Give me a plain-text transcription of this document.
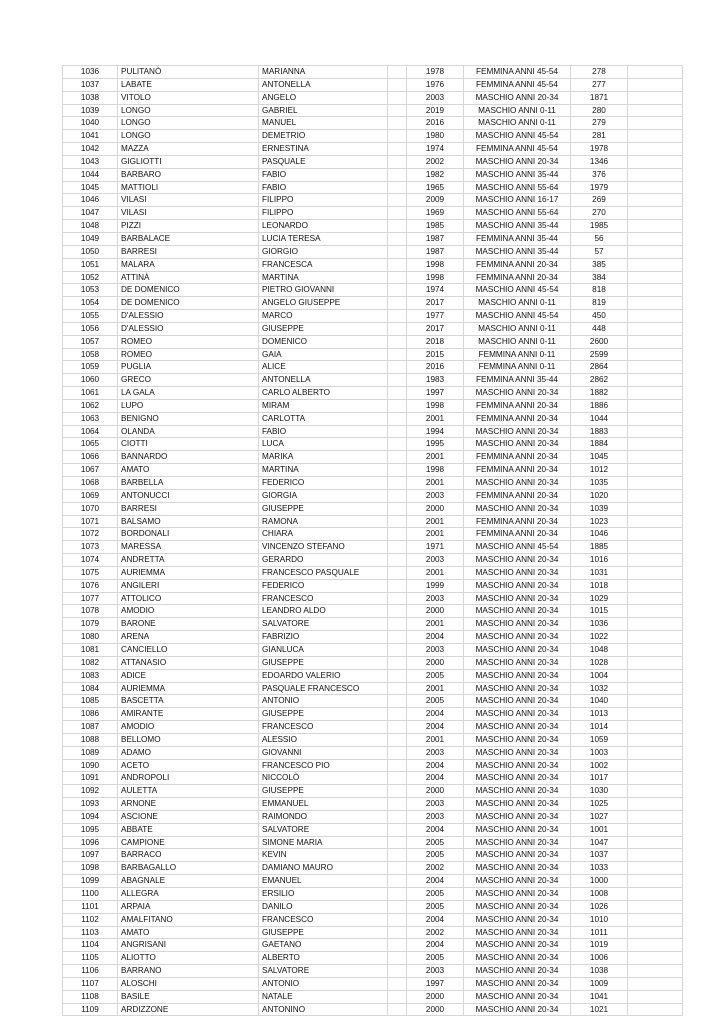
1036	PULITANÒ	MARIANNA		1978	FEMMINA ANNI 45-54	278	
1037	LABATE	ANTONELLA		1976	FEMMINA ANNI 45-54	277	
1038	VITOLO	ANGELO		2003	MASCHIO ANNI 20-34	1871	
1039	LONGO	GABRIEL		2019	MASCHIO ANNI 0-11	280	
1040	LONGO	MANUEL		2016	MASCHIO ANNI 0-11	279	
1041	LONGO	DEMETRIO		1980	MASCHIO ANNI 45-54	281	
1042	MAZZA	ERNESTINA		1974	FEMMINA ANNI 45-54	1978	
1043	GIGLIOTTI	PASQUALE		2002	MASCHIO ANNI 20-34	1346	
1044	BARBARO	FABIO		1982	MASCHIO ANNI 35-44	376	
1045	MATTIOLI	FABIO		1965	MASCHIO ANNI 55-64	1979	
1046	VILASI	FILIPPO		2009	MASCHIO ANNI 16-17	269	
1047	VILASI	FILIPPO		1969	MASCHIO ANNI 55-64	270	
1048	PIZZI	LEONARDO		1985	MASCHIO ANNI 35-44	1985	
1049	BARBALACE	LUCIA TERESA		1987	FEMMINA ANNI 35-44	56	
1050	BARRESI	GIORGIO		1987	MASCHIO ANNI 35-44	57	
1051	MALARA	FRANCESCA		1998	FEMMINA ANNI 20-34	385	
1052	ATTINÀ	MARTINA		1998	FEMMINA ANNI 20-34	384	
1053	DE DOMENICO	PIETRO GIOVANNI		1974	MASCHIO ANNI 45-54	818	
1054	DE DOMENICO	ANGELO GIUSEPPE		2017	MASCHIO ANNI 0-11	819	
1055	D'ALESSIO	MARCO		1977	MASCHIO ANNI 45-54	450	
1056	D'ALESSIO	GIUSEPPE		2017	MASCHIO ANNI 0-11	448	
1057	ROMEO	DOMENICO		2018	MASCHIO ANNI 0-11	2600	
1058	ROMEO	GAIA		2015	FEMMINA ANNI 0-11	2599	
1059	PUGLIA	ALICE		2016	FEMMINA ANNI 0-11	2864	
1060	GRECO	ANTONELLA		1983	FEMMINA ANNI 35-44	2862	
1061	LA GALA	CARLO ALBERTO		1997	MASCHIO ANNI 20-34	1882	
1062	LUPO	MIRAM		1998	FEMMINA ANNI 20-34	1886	
1063	BENIGNO	CARLOTTA		2001	FEMMINA ANNI 20-34	1044	
1064	OLANDA	FABIO		1994	MASCHIO ANNI 20-34	1883	
1065	CIOTTI	LUCA		1995	MASCHIO ANNI 20-34	1884	
1066	BANNARDO	MARIKA		2001	FEMMINA ANNI 20-34	1045	
1067	AMATO	MARTINA		1998	FEMMINA ANNI 20-34	1012	
1068	BARBELLA	FEDERICO		2001	MASCHIO ANNI 20-34	1035	
1069	ANTONUCCI	GIORGIA		2003	FEMMINA ANNI 20-34	1020	
1070	BARRESI	GIUSEPPE		2000	MASCHIO ANNI 20-34	1039	
1071	BALSAMO	RAMONA		2001	FEMMINA ANNI 20-34	1023	
1072	BORDONALI	CHIARA		2001	FEMMINA ANNI 20-34	1046	
1073	MARESSA	VINCENZO STEFANO		1971	MASCHIO ANNI 45-54	1885	
1074	ANDRETTA	GERARDO		2003	MASCHIO ANNI 20-34	1016	
1075	AURIEMMA	FRANCESCO PASQUALE		2001	MASCHIO ANNI 20-34	1031	
1076	ANGILERI	FEDERICO		1999	MASCHIO ANNI 20-34	1018	
1077	ATTOLICO	FRANCESCO		2003	MASCHIO ANNI 20-34	1029	
1078	AMODIO	LEANDRO ALDO		2000	MASCHIO ANNI 20-34	1015	
1079	BARONE	SALVATORE		2001	MASCHIO ANNI 20-34	1036	
1080	ARENA	FABRIZIO		2004	MASCHIO ANNI 20-34	1022	
1081	CANCIELLO	GIANLUCA		2003	MASCHIO ANNI 20-34	1048	
1082	ATTANASIO	GIUSEPPE		2000	MASCHIO ANNI 20-34	1028	
1083	ADICE	EDOARDO VALERIO		2005	MASCHIO ANNI 20-34	1004	
1084	AURIEMMA	PASQUALE FRANCESCO		2001	MASCHIO ANNI 20-34	1032	
1085	BASCETTA	ANTONIO		2005	MASCHIO ANNI 20-34	1040	
1086	AMIRANTE	GIUSEPPE		2004	MASCHIO ANNI 20-34	1013	
1087	AMODIO	FRANCESCO		2004	MASCHIO ANNI 20-34	1014	
1088	BELLOMO	ALESSIO		2001	MASCHIO ANNI 20-34	1059	
1089	ADAMO	GIOVANNI		2003	MASCHIO ANNI 20-34	1003	
1090	ACETO	FRANCESCO PIO		2004	MASCHIO ANNI 20-34	1002	
1091	ANDROPOLI	NICCOLÒ		2004	MASCHIO ANNI 20-34	1017	
1092	AULETTA	GIUSEPPE		2000	MASCHIO ANNI 20-34	1030	
1093	ARNONE	EMMANUEL		2003	MASCHIO ANNI 20-34	1025	
1094	ASCIONE	RAIMONDO		2003	MASCHIO ANNI 20-34	1027	
1095	ABBATE	SALVATORE		2004	MASCHIO ANNI 20-34	1001	
1096	CAMPIONE	SIMONE MARIA		2005	MASCHIO ANNI 20-34	1047	
1097	BARRACO	KEVIN		2005	MASCHIO ANNI 20-34	1037	
1098	BARBAGALLO	DAMIANO MAURO		2002	MASCHIO ANNI 20-34	1033	
1099	ABAGNALE	EMANUEL		2004	MASCHIO ANNI 20-34	1000	
1100	ALLEGRA	ERSILIO		2005	MASCHIO ANNI 20-34	1008	
1101	ARPAIA	DANILO		2005	MASCHIO ANNI 20-34	1026	
1102	AMALFITANO	FRANCESCO		2004	MASCHIO ANNI 20-34	1010	
1103	AMATO	GIUSEPPE		2002	MASCHIO ANNI 20-34	1011	
1104	ANGRISANI	GAETANO		2004	MASCHIO ANNI 20-34	1019	
1105	ALIOTTO	ALBERTO		2005	MASCHIO ANNI 20-34	1006	
1106	BARRANO	SALVATORE		2003	MASCHIO ANNI 20-34	1038	
1107	ALOSCHI	ANTONIO		1997	MASCHIO ANNI 20-34	1009	
1108	BASILE	NATALE		2000	MASCHIO ANNI 20-34	1041	
1109	ARDIZZONE	ANTONINO		2000	MASCHIO ANNI 20-34	1021	
